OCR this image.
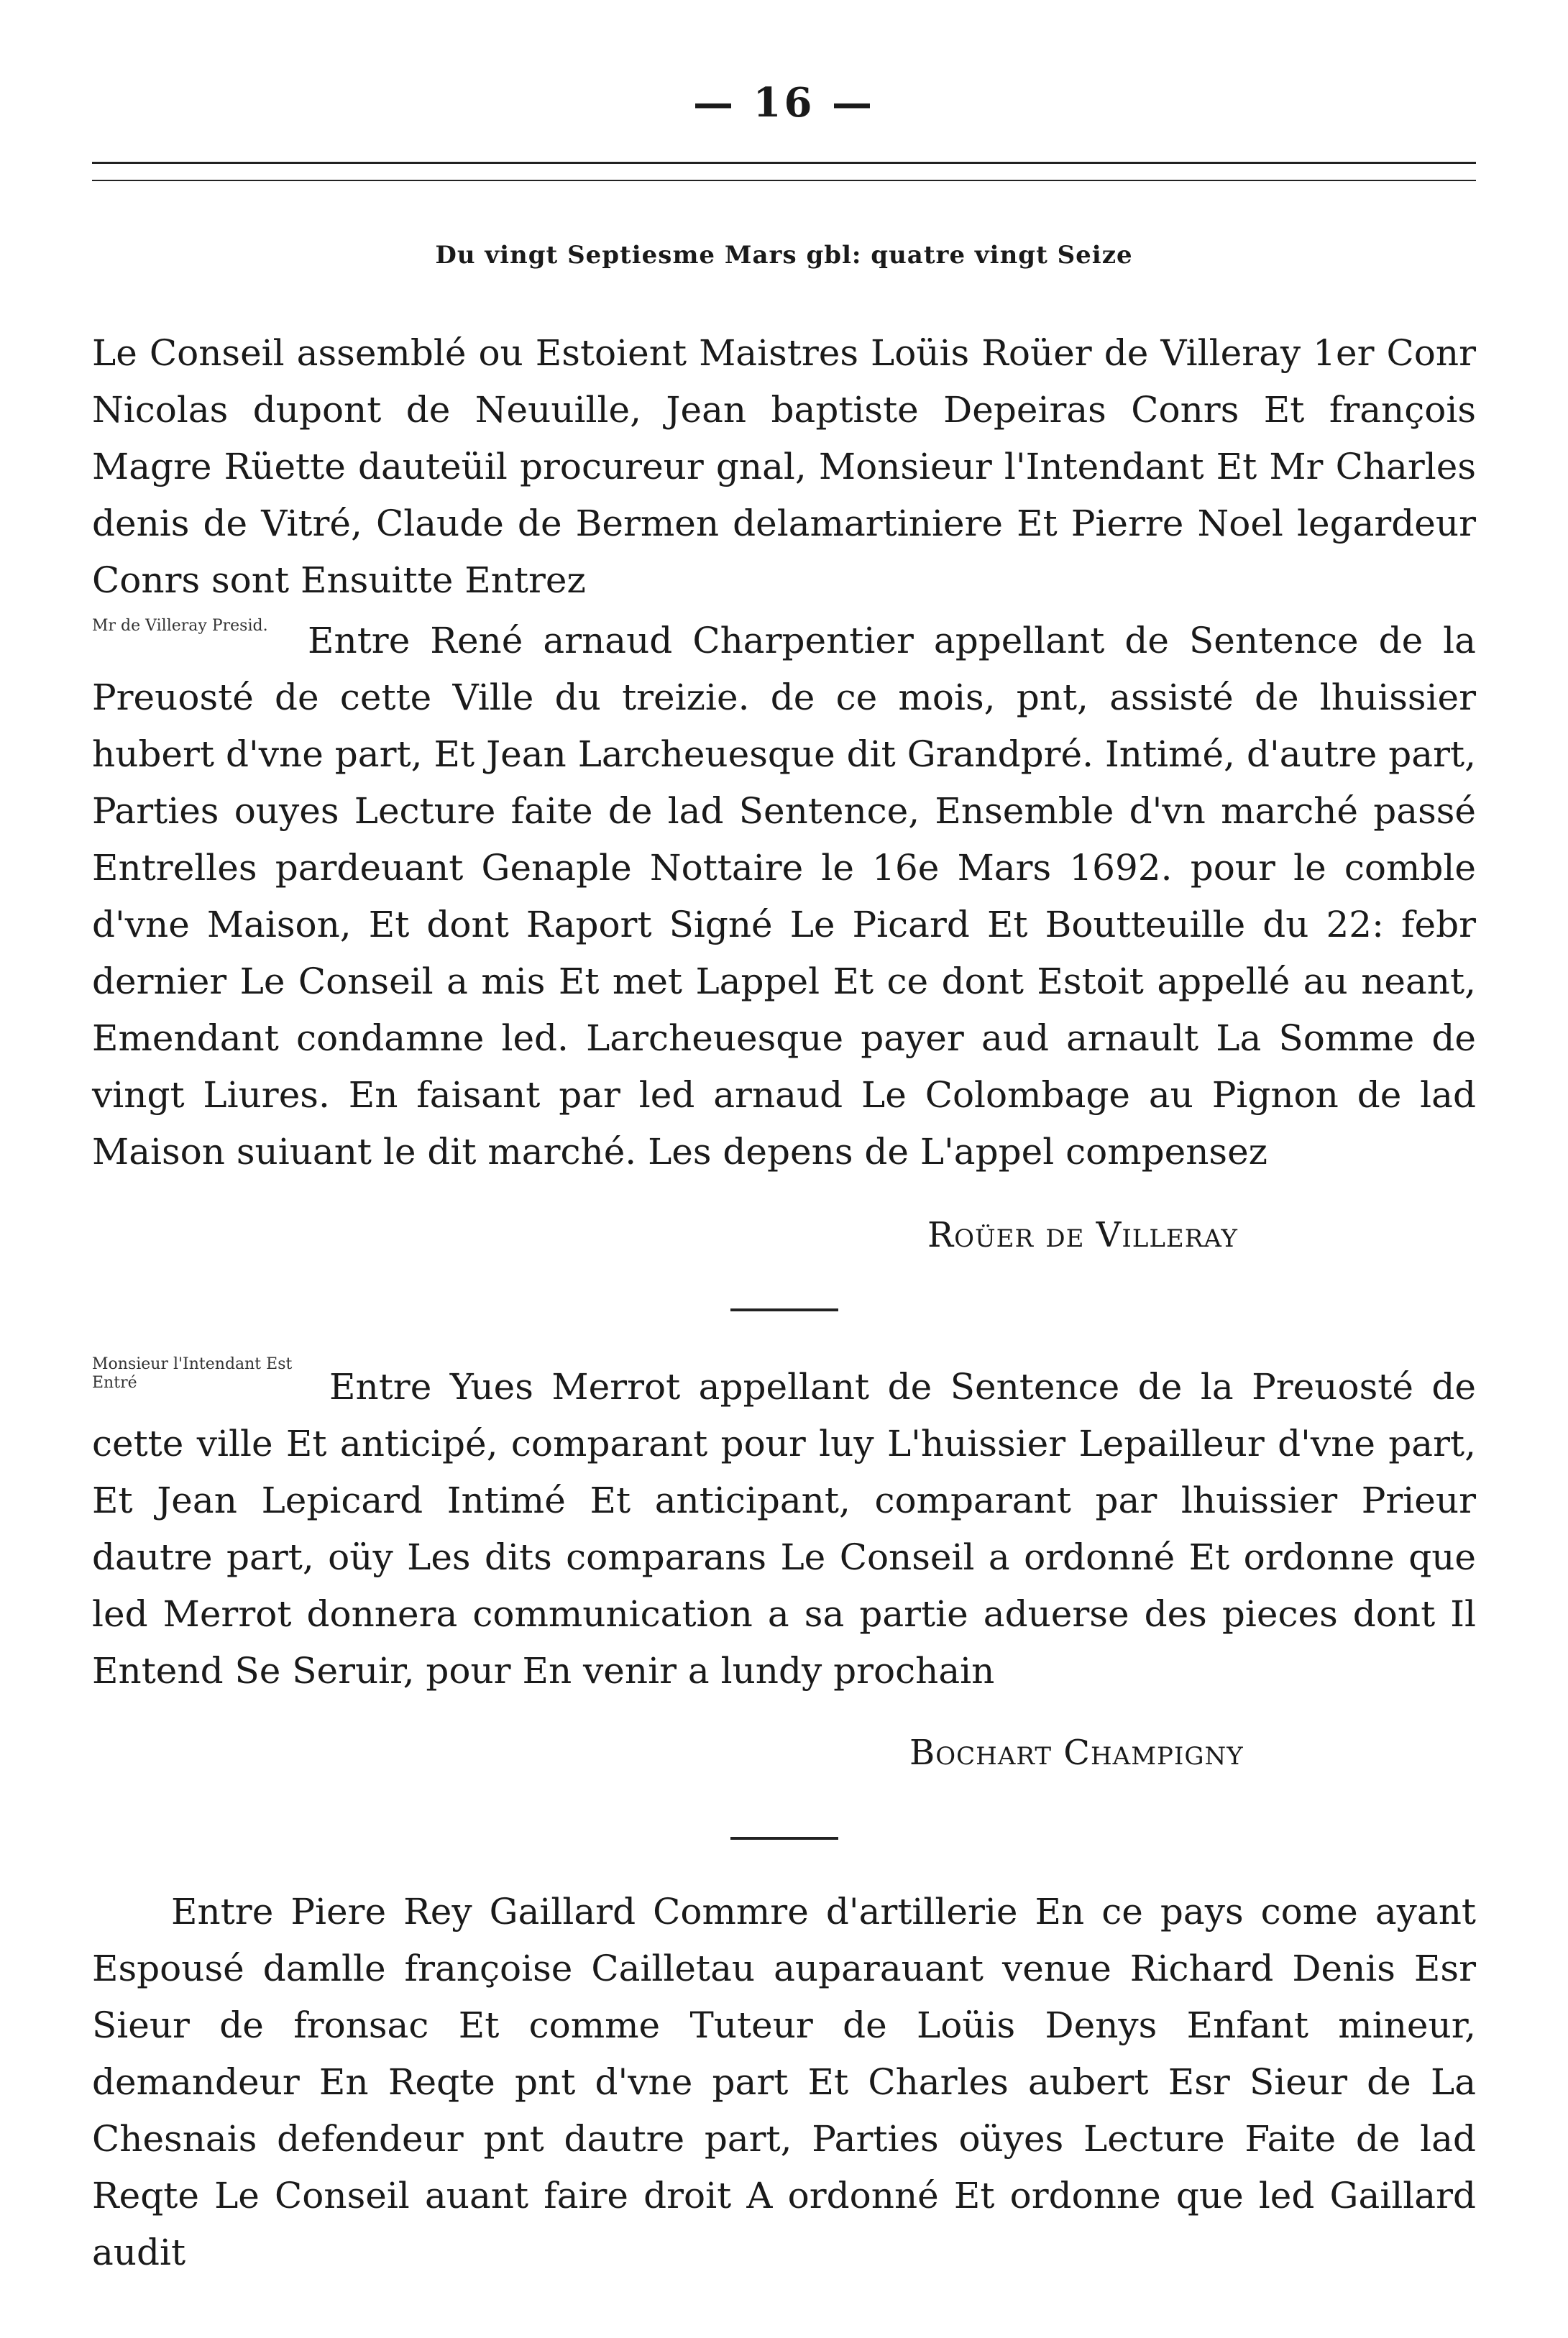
— 16 —
Du vingt Septiesme Mars gbl: quatre vingt Seize

Le Conseil assemblé ou Estoient Maistres Loüis Roüer de Villeray 1er Conr Nicolas dupont de Neuuille, Jean baptiste Depeiras Conrs Et françois Magre Rüette dauteüil procureur gnal, Monsieur l'Intendant Et Mr Charles denis de Vitré, Claude de Bermen delamartiniere Et Pierre Noel legardeur Conrs sont Ensuitte Entrez

Mr de Villeray Presid.	Entre René arnaud Charpentier appellant de Sentence de la Preuosté de cette Ville du treizie. de ce mois, pnt, assisté de lhuissier hubert d'vne part, Et Jean Larcheuesque dit Grandpré. Intimé, d'autre part, Parties ouyes Lecture faite de lad Sentence, Ensemble d'vn marché passé Entrelles pardeuant Genaple Nottaire le 16e Mars 1692. pour le comble d'vne Maison, Et dont Raport Signé Le Picard Et Boutteuille du 22: febr dernier Le Conseil a mis Et met Lappel Et ce dont Estoit appellé au neant, Emendant condamne led. Larcheuesque payer aud arnault La Somme de vingt Liures. En faisant par led arnaud Le Colombage au Pignon de lad Maison suiuant le dit marché. Les depens de L'appel compensez

Roüer de Villeray
Monsieur l'Intendant Est Entré	Entre Yues Merrot appellant de Sentence de la Preuosté de cette ville Et anticipé, comparant pour luy L'huissier Lepailleur d'vne part, Et Jean Lepicard Intimé Et anticipant, comparant par lhuissier Prieur dautre part, oüy Les dits comparans Le Conseil a ordonné Et ordonne que led Merrot donnera communication a sa partie aduerse des pieces dont Il Entend Se Seruir, pour En venir a lundy prochain

Bochart Champigny

Entre Piere Rey Gaillard Commre d'artillerie En ce pays come ayant Espousé damlle françoise Cailletau auparauant venue Richard Denis Esr Sieur de fronsac Et comme Tuteur de Loüis Denys Enfant mineur, demandeur En Reqte pnt d'vne part Et Charles aubert Esr Sieur de La Chesnais defendeur pnt dautre part, Parties oüyes Lecture Faite de lad Reqte Le Conseil auant faire droit A ordonné Et ordonne que led Gaillard audit
